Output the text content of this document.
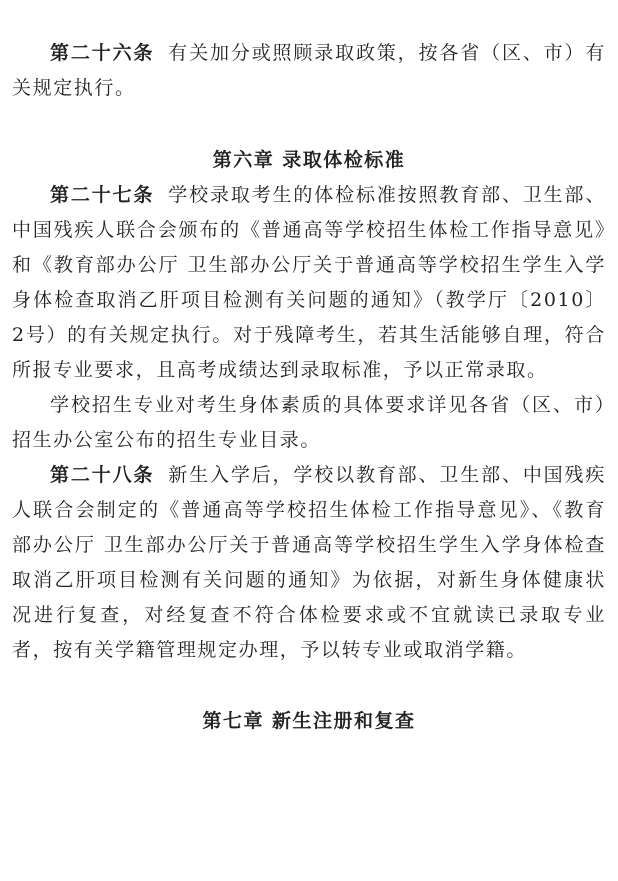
第二十六条 有关加分或照顾录取政策，按各省（区、市）有关规定执行。

第六章 录取体检标准

第二十七条 学校录取考生的体检标准按照教育部、卫生部、中国残疾人联合会颁布的《普通高等学校招生体检工作指导意见》和《教育部办公厅 卫生部办公厅关于普通高等学校招生学生入学身体检查取消乙肝项目检测有关问题的通知》（教学厅〔2010〕2号）的有关规定执行。对于残障考生，若其生活能够自理，符合所报专业要求，且高考成绩达到录取标准，予以正常录取。

学校招生专业对考生身体素质的具体要求详见各省（区、市）招生办公室公布的招生专业目录。

第二十八条 新生入学后，学校以教育部、卫生部、中国残疾人联合会制定的《普通高等学校招生体检工作指导意见》、《教育部办公厅 卫生部办公厅关于普通高等学校招生学生入学身体检查取消乙肝项目检测有关问题的通知》为依据，对新生身体健康状况进行复查，对经复查不符合体检要求或不宜就读已录取专业者，按有关学籍管理规定办理，予以转专业或取消学籍。

第七章 新生注册和复查
